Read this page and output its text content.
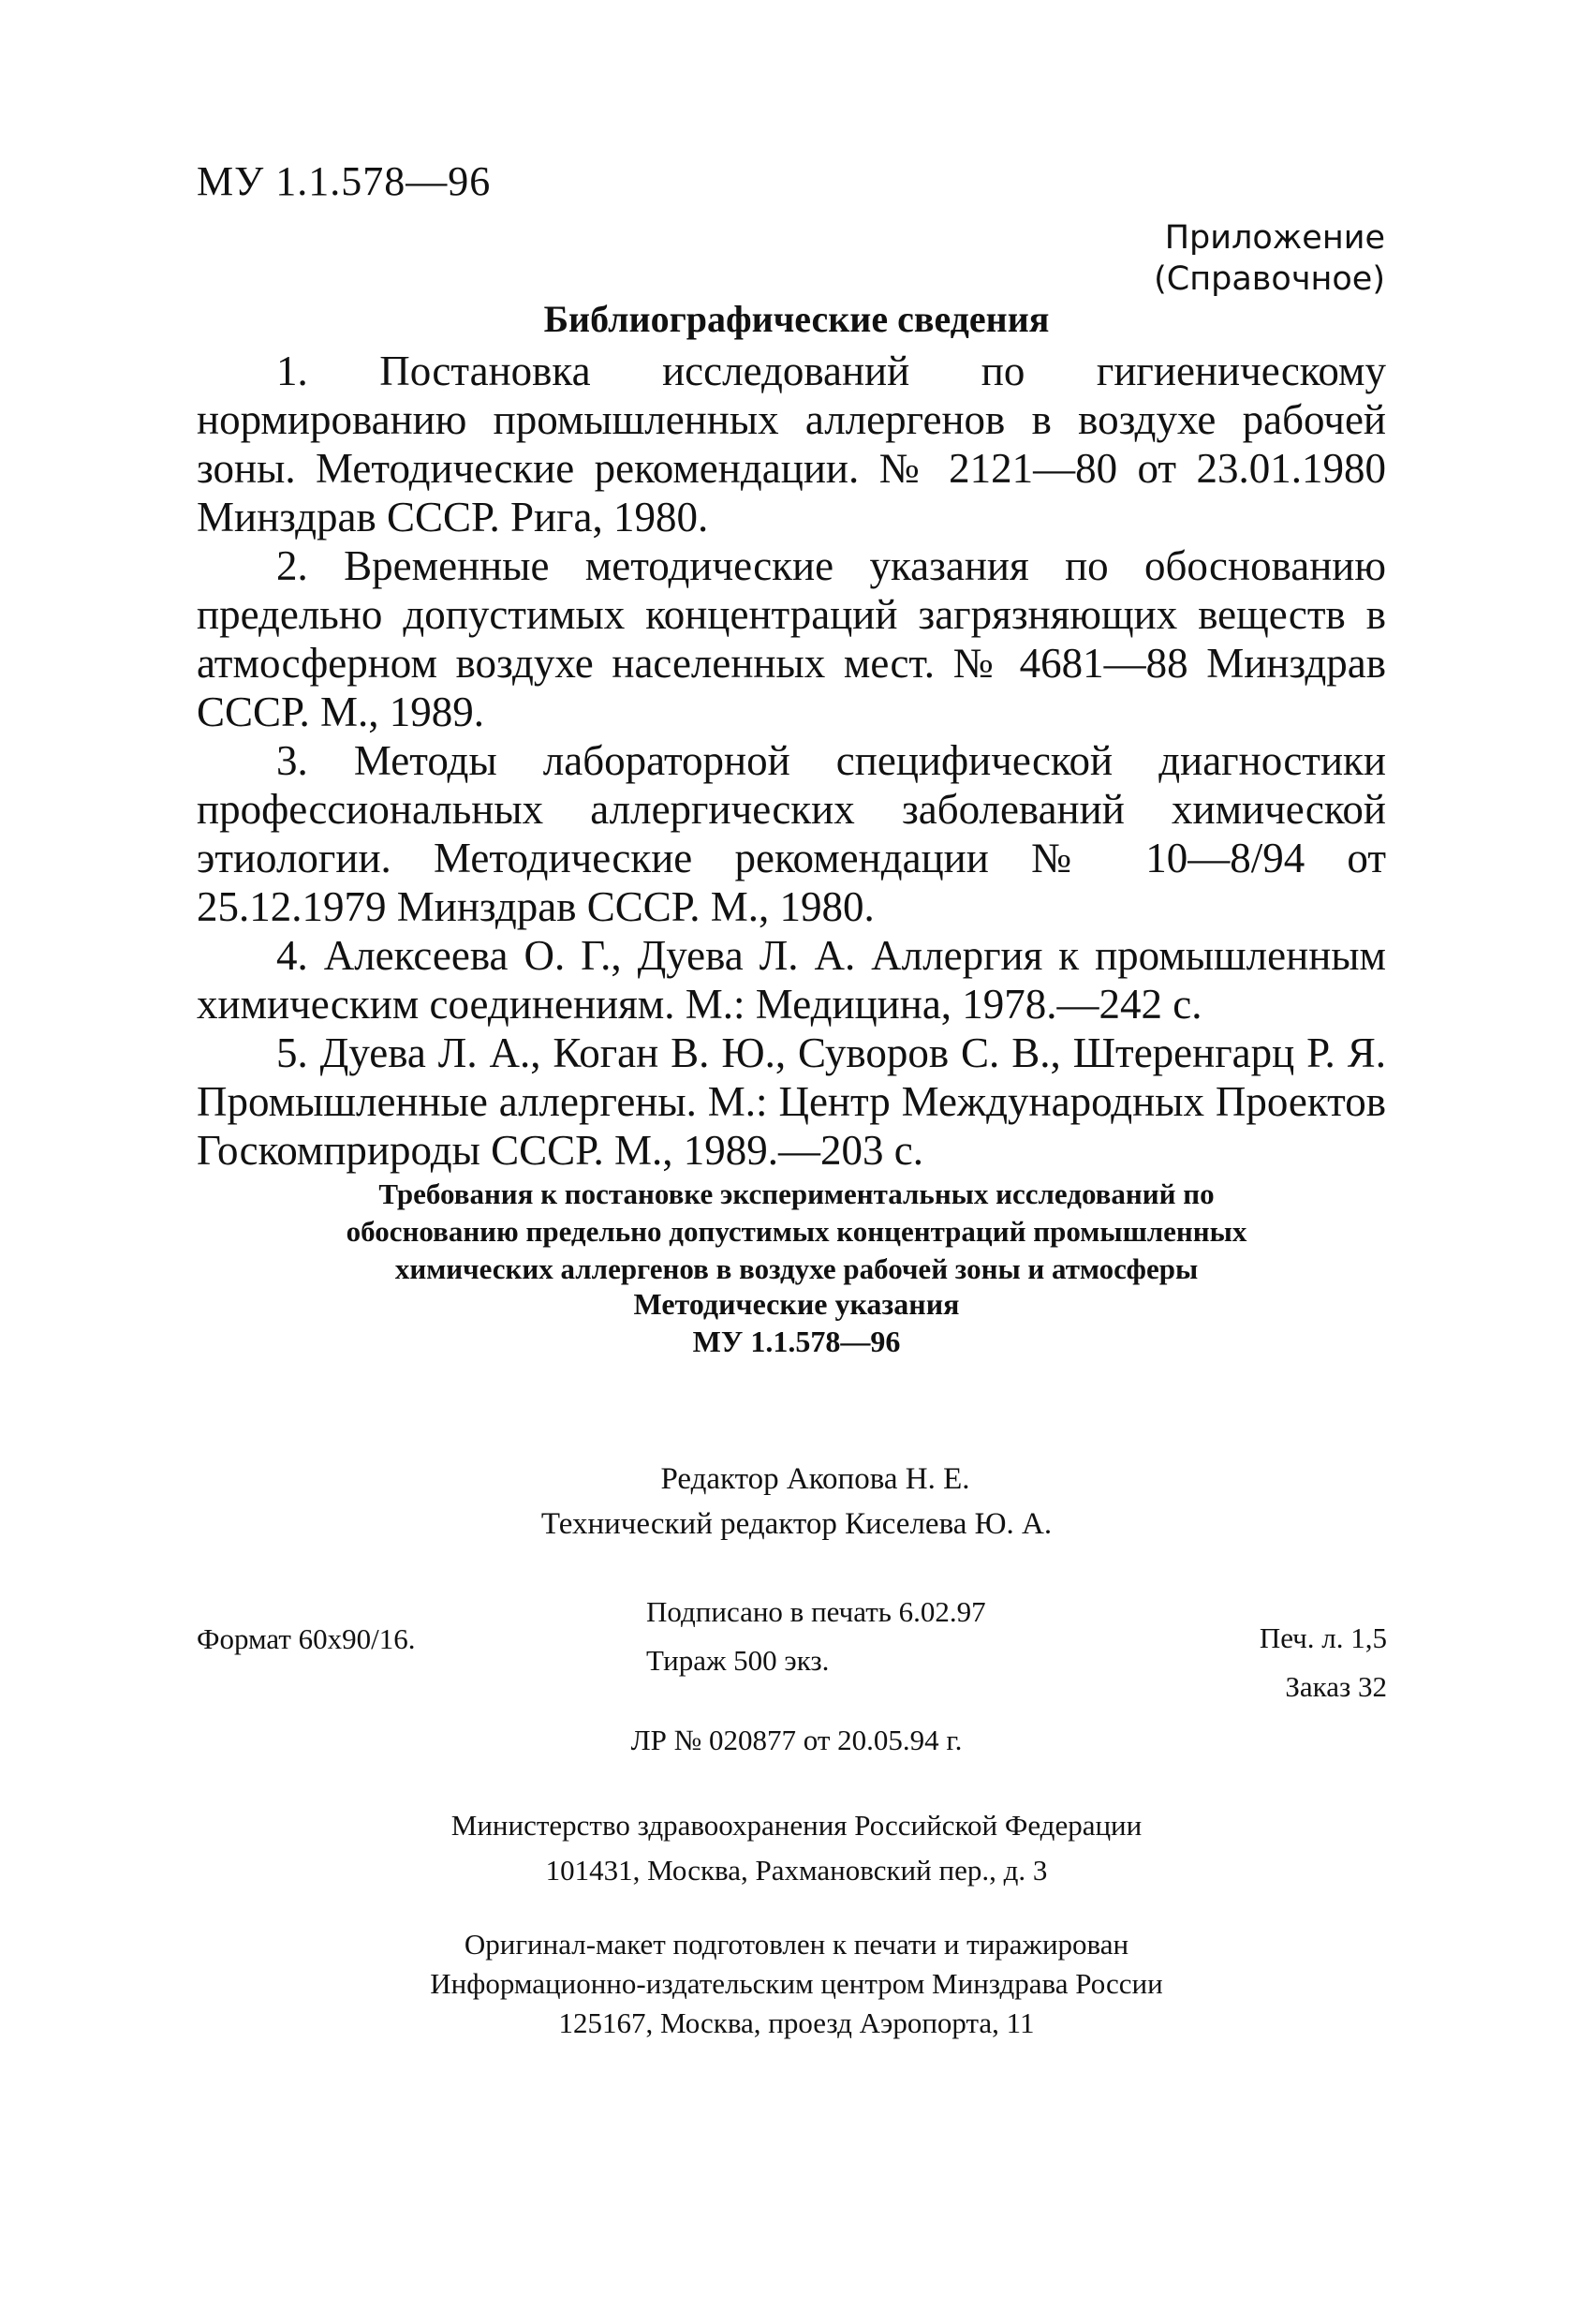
МУ 1.1.578—96
Приложение
(Справочное)
Библиографические сведения

1. Постановка исследований по гигиеническому нормированию промышленных аллергенов в воздухе рабочей зоны. Методические рекомендации. № 2121—80 от 23.01.1980 Минздрав СССР. Рига, 1980.

2. Временные методические указания по обоснованию предельно допустимых концентраций загрязняющих веществ в атмосферном воздухе населенных мест. № 4681—88 Минздрав СССР. М., 1989.

3. Методы лабораторной специфической диагностики профессиональных аллергических заболеваний химической этиологии. Методические рекомендации № 10—8/94 от 25.12.1979 Минздрав СССР. М., 1980.

4. Алексеева О. Г., Дуева Л. А. Аллергия к промышленным химическим соединениям. М.: Медицина, 1978.—242 с.

5. Дуева Л. А., Коган В. Ю., Суворов С. В., Штеренгарц Р. Я. Промышленные аллергены. М.: Центр Международных Проектов Госкомприроды СССР. М., 1989.—203 с.

Требования к постановке экспериментальных исследований по
обоснованию предельно допустимых концентраций промышленных
химических аллергенов в воздухе рабочей зоны и атмосферы
Методические указания
МУ 1.1.578—96
Редактор Акопова Н. Е.
Технический редактор Киселева Ю. А.
Формат 60х90/16.
Подписано в печать 6.02.97
Тираж 500 экз.
Печ. л. 1,5
Заказ 32
ЛР № 020877 от 20.05.94 г.
Министерство здравоохранения Российской Федерации
101431, Москва, Рахмановский пер., д. 3
Оригинал-макет подготовлен к печати и тиражирован
Информационно-издательским центром Минздрава России
125167, Москва, проезд Аэропорта, 11
